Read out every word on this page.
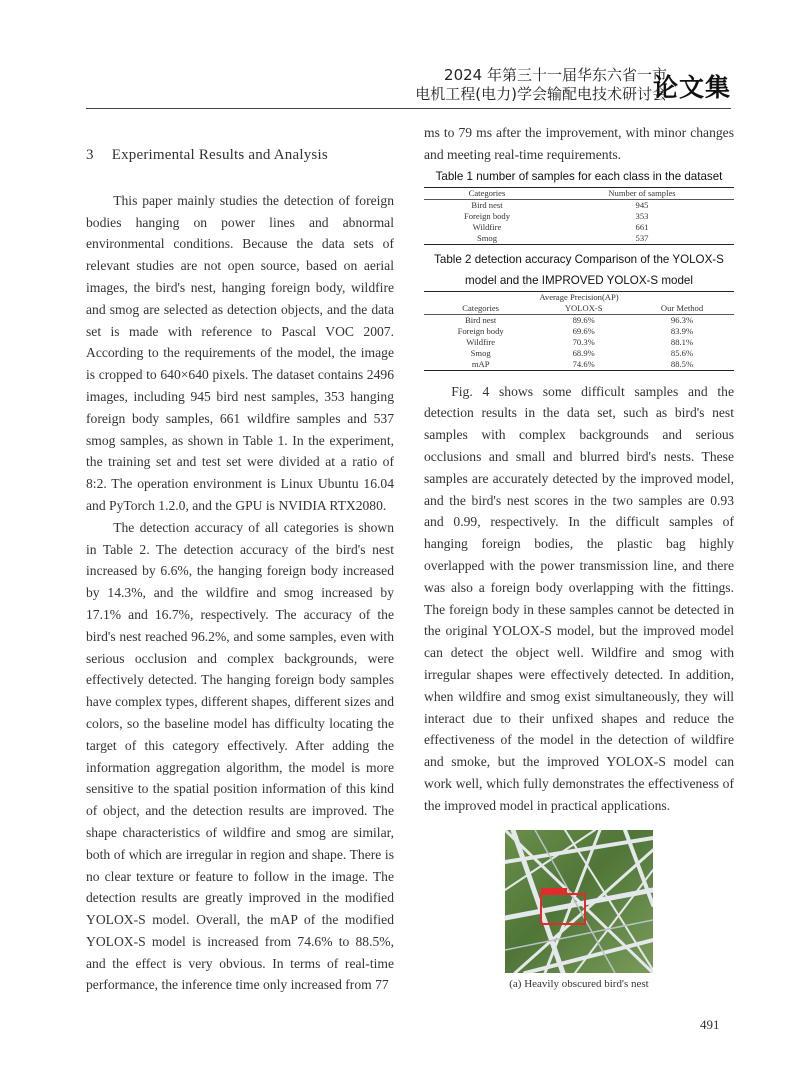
2024 年第三十一届华东六省一市
电机工程(电力)学会输配电技术研讨会
论文集
3 Experimental Results and Analysis

This paper mainly studies the detection of foreign bodies hanging on power lines and abnormal environmental conditions. Because the data sets of relevant studies are not open source, based on aerial images, the bird's nest, hanging foreign body, wildfire and smog are selected as detection objects, and the data set is made with reference to Pascal VOC 2007. According to the requirements of the model, the image is cropped to 640×640 pixels. The dataset contains 2496 images, including 945 bird nest samples, 353 hanging foreign body samples, 661 wildfire samples and 537 smog samples, as shown in Table 1. In the experiment, the training set and test set were divided at a ratio of 8:2. The operation environment is Linux Ubuntu 16.04 and PyTorch 1.2.0, and the GPU is NVIDIA RTX2080.

The detection accuracy of all categories is shown in Table 2. The detection accuracy of the bird's nest increased by 6.6%, the hanging foreign body increased by 14.3%, and the wildfire and smog increased by 17.1% and 16.7%, respectively. The accuracy of the bird's nest reached 96.2%, and some samples, even with serious occlusion and complex backgrounds, were effectively detected. The hanging foreign body samples have complex types, different shapes, different sizes and colors, so the baseline model has difficulty locating the target of this category effectively. After adding the information aggregation algorithm, the model is more sensitive to the spatial position information of this kind of object, and the detection results are improved. The shape characteristics of wildfire and smog are similar, both of which are irregular in region and shape. There is no clear texture or feature to follow in the image. The detection results are greatly improved in the modified YOLOX-S model. Overall, the mAP of the modified YOLOX-S model is increased from 74.6% to 88.5%, and the effect is very obvious. In terms of real-time performance, the inference time only increased from 77

ms to 79 ms after the improvement, with minor changes and meeting real-time requirements.

Table 1 number of samples for each class in the dataset
Categories	Number of samples
Bird nest	945
Foreign body	353
Wildfire	661
Smog	537
Table 2 detection accuracy Comparison of the YOLOX-S
model and the IMPROVED YOLOX-S model
Average Precision(AP)		
Categories	YOLOX-S	Our Method
Bird nest	89.6%	96.3%
Foreign body	69.6%	83.9%
Wildfire	70.3%	88.1%
Smog	68.9%	85.6%
mAP	74.6%	88.5%

Fig. 4 shows some difficult samples and the detection results in the data set, such as bird's nest samples with complex backgrounds and serious occlusions and small and blurred bird's nests. These samples are accurately detected by the improved model, and the bird's nest scores in the two samples are 0.93 and 0.99, respectively. In the difficult samples of hanging foreign bodies, the plastic bag highly overlapped with the power transmission line, and there was also a foreign body overlapping with the fittings. The foreign body in these samples cannot be detected in the original YOLOX-S model, but the improved model can detect the object well. Wildfire and smog with irregular shapes were effectively detected. In addition, when wildfire and smog exist simultaneously, they will interact due to their unfixed shapes and reduce the effectiveness of the model in the detection of wildfire and smoke, but the improved YOLOX-S model can work well, which fully demonstrates the effectiveness of the improved model in practical applications.

(a) Heavily obscured bird's nest
491
